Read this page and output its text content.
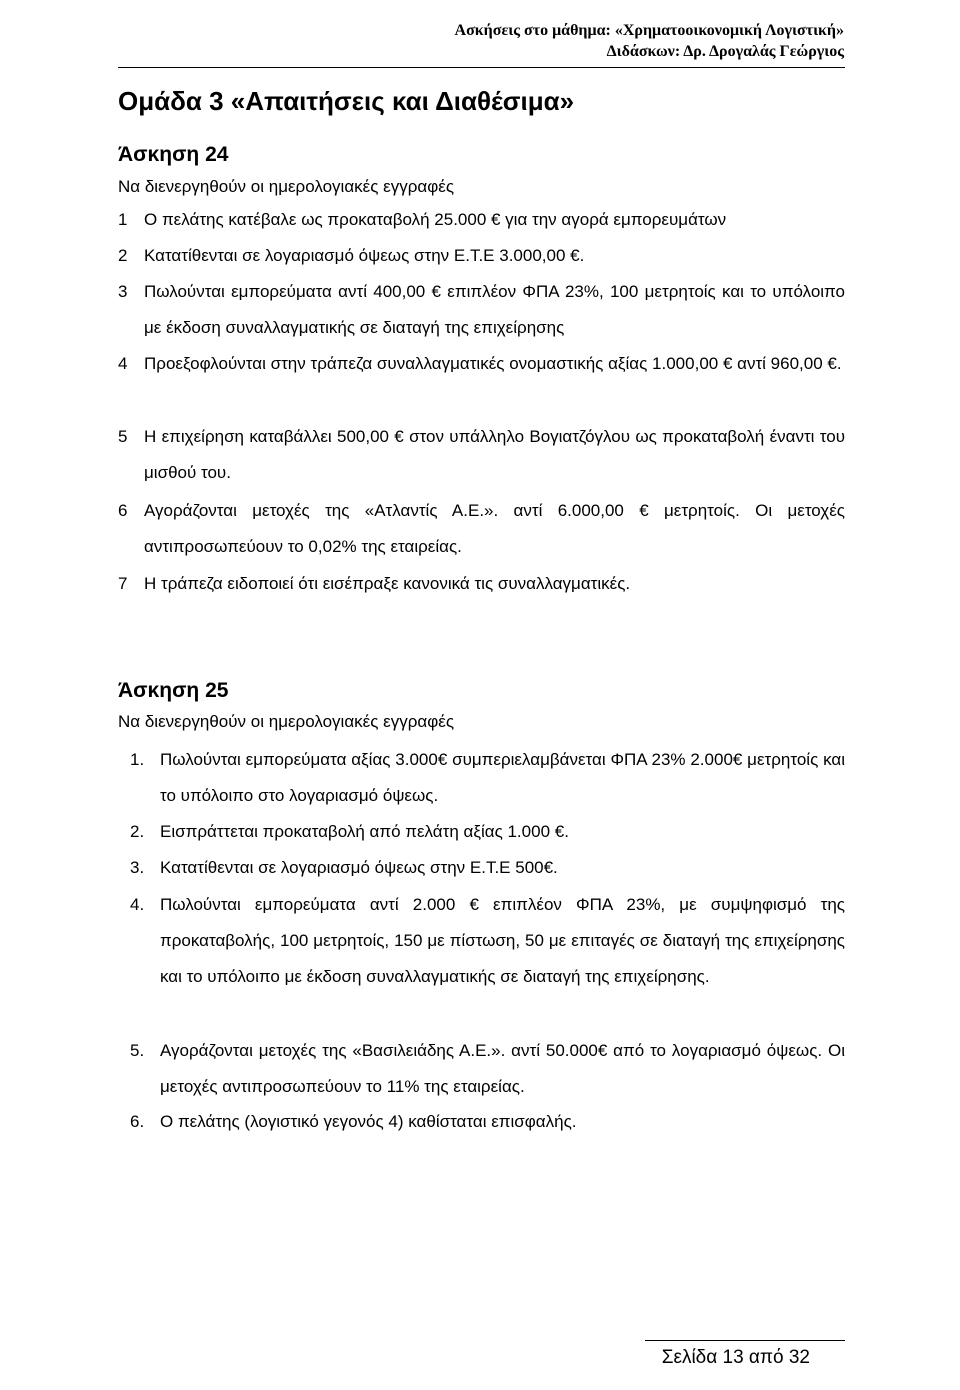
Ασκήσεις στο μάθημα: «Χρηματοοικονομική Λογιστική»
Διδάσκων: Δρ. Δρογαλάς Γεώργιος
Ομάδα 3 «Απαιτήσεις και Διαθέσιμα»
Άσκηση 24
Να διενεργηθούν οι ημερολογιακές εγγραφές
1 Ο πελάτης κατέβαλε ως προκαταβολή 25.000 € για την αγορά εμπορευμάτων
2 Κατατίθενται σε λογαριασμό όψεως στην Ε.Τ.Ε 3.000,00 €.
3 Πωλούνται εμπορεύματα αντί 400,00 € επιπλέον ΦΠΑ 23%, 100 μετρητοίς και το υπόλοιπο με έκδοση συναλλαγματικής σε διαταγή της επιχείρησης
4 Προεξοφλούνται στην τράπεζα συναλλαγματικές ονομαστικής αξίας 1.000,00 € αντί 960,00 €.
5 Η επιχείρηση καταβάλλει 500,00 € στον υπάλληλο Βογιατζόγλου ως προκαταβολή έναντι του μισθού του.
6 Αγοράζονται μετοχές της «Ατλαντίς Α.Ε.». αντί 6.000,00 € μετρητοίς. Οι μετοχές αντιπροσωπεύουν το 0,02% της εταιρείας.
7 Η τράπεζα ειδοποιεί ότι εισέπραξε κανονικά τις συναλλαγματικές.
Άσκηση 25
Να διενεργηθούν οι ημερολογιακές εγγραφές
1. Πωλούνται εμπορεύματα αξίας 3.000€ συμπεριελαμβάνεται ΦΠΑ 23% 2.000€ μετρητοίς και το υπόλοιπο στο λογαριασμό όψεως.
2. Εισπράττεται προκαταβολή από πελάτη αξίας 1.000 €.
3. Κατατίθενται σε λογαριασμό όψεως στην Ε.Τ.Ε 500€.
4. Πωλούνται εμπορεύματα αντί 2.000 € επιπλέον ΦΠΑ 23%, με συμψηφισμό της προκαταβολής, 100 μετρητοίς, 150 με πίστωση, 50 με επιταγές σε διαταγή της επιχείρησης και το υπόλοιπο με έκδοση συναλλαγματικής σε διαταγή της επιχείρησης.
5. Αγοράζονται μετοχές της «Βασιλειάδης Α.Ε.». αντί 50.000€ από το λογαριασμό όψεως. Οι μετοχές αντιπροσωπεύουν το 11% της εταιρείας.
6. Ο πελάτης (λογιστικό γεγονός 4) καθίσταται επισφαλής.
Σελίδα 13 από 32
